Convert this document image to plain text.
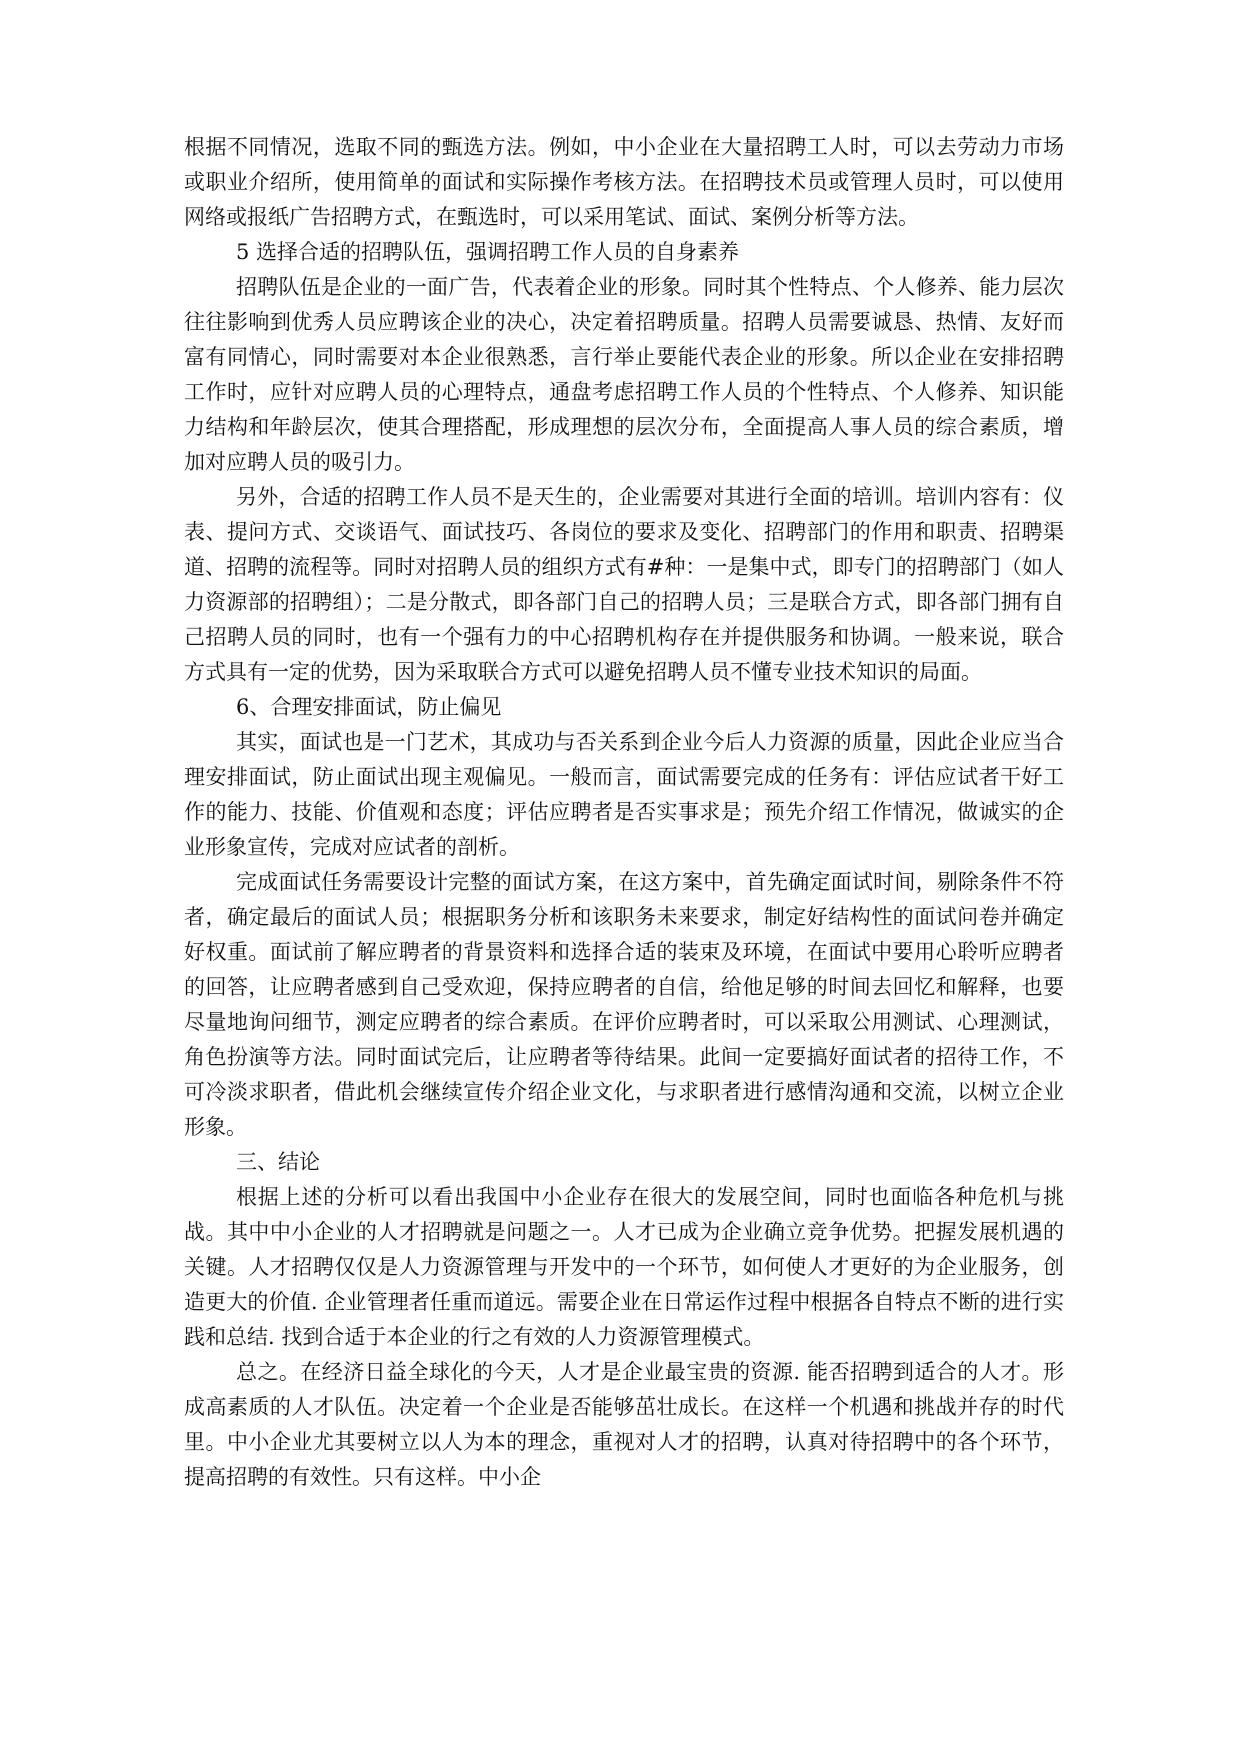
根据不同情况，选取不同的甄选方法。例如，中小企业在大量招聘工人时，可以去劳动力市场或职业介绍所，使用简单的面试和实际操作考核方法。在招聘技术员或管理人员时，可以使用网络或报纸广告招聘方式，在甄选时，可以采用笔试、面试、案例分析等方法。

5 选择合适的招聘队伍，强调招聘工作人员的自身素养

招聘队伍是企业的一面广告，代表着企业的形象。同时其个性特点、个人修养、能力层次往往影响到优秀人员应聘该企业的决心，决定着招聘质量。招聘人员需要诚恳、热情、友好而富有同情心，同时需要对本企业很熟悉，言行举止要能代表企业的形象。所以企业在安排招聘工作时，应针对应聘人员的心理特点，通盘考虑招聘工作人员的个性特点、个人修养、知识能力结构和年龄层次，使其合理搭配，形成理想的层次分布，全面提高人事人员的综合素质，增加对应聘人员的吸引力。

另外，合适的招聘工作人员不是天生的，企业需要对其进行全面的培训。培训内容有：仪表、提问方式、交谈语气、面试技巧、各岗位的要求及变化、招聘部门的作用和职责、招聘渠道、招聘的流程等。同时对招聘人员的组织方式有#种：一是集中式，即专门的招聘部门（如人力资源部的招聘组）；二是分散式，即各部门自己的招聘人员；三是联合方式，即各部门拥有自己招聘人员的同时，也有一个强有力的中心招聘机构存在并提供服务和协调。一般来说，联合方式具有一定的优势，因为采取联合方式可以避免招聘人员不懂专业技术知识的局面。

6、合理安排面试，防止偏见

其实，面试也是一门艺术，其成功与否关系到企业今后人力资源的质量，因此企业应当合理安排面试，防止面试出现主观偏见。一般而言，面试需要完成的任务有：评估应试者干好工作的能力、技能、价值观和态度；评估应聘者是否实事求是；预先介绍工作情况，做诚实的企业形象宣传，完成对应试者的剖析。

完成面试任务需要设计完整的面试方案，在这方案中，首先确定面试时间，剔除条件不符者，确定最后的面试人员；根据职务分析和该职务未来要求，制定好结构性的面试问卷并确定好权重。面试前了解应聘者的背景资料和选择合适的装束及环境，在面试中要用心聆听应聘者的回答，让应聘者感到自己受欢迎，保持应聘者的自信，给他足够的时间去回忆和解释，也要尽量地询问细节，测定应聘者的综合素质。在评价应聘者时，可以采取公用测试、心理测试，角色扮演等方法。同时面试完后，让应聘者等待结果。此间一定要搞好面试者的招待工作，不可冷淡求职者，借此机会继续宣传介绍企业文化，与求职者进行感情沟通和交流，以树立企业形象。

三、结论

根据上述的分析可以看出我国中小企业存在很大的发展空间，同时也面临各种危机与挑战。其中中小企业的人才招聘就是问题之一。人才已成为企业确立竞争优势。把握发展机遇的关键。人才招聘仅仅是人力资源管理与开发中的一个环节，如何使人才更好的为企业服务，创造更大的价值. 企业管理者任重而道远。需要企业在日常运作过程中根据各自特点不断的进行实践和总结. 找到合适于本企业的行之有效的人力资源管理模式。

总之。在经济日益全球化的今天，人才是企业最宝贵的资源. 能否招聘到适合的人才。形成高素质的人才队伍。决定着一个企业是否能够茁壮成长。在这样一个机遇和挑战并存的时代里。中小企业尤其要树立以人为本的理念，重视对人才的招聘，认真对待招聘中的各个环节，提高招聘的有效性。只有这样。中小企
